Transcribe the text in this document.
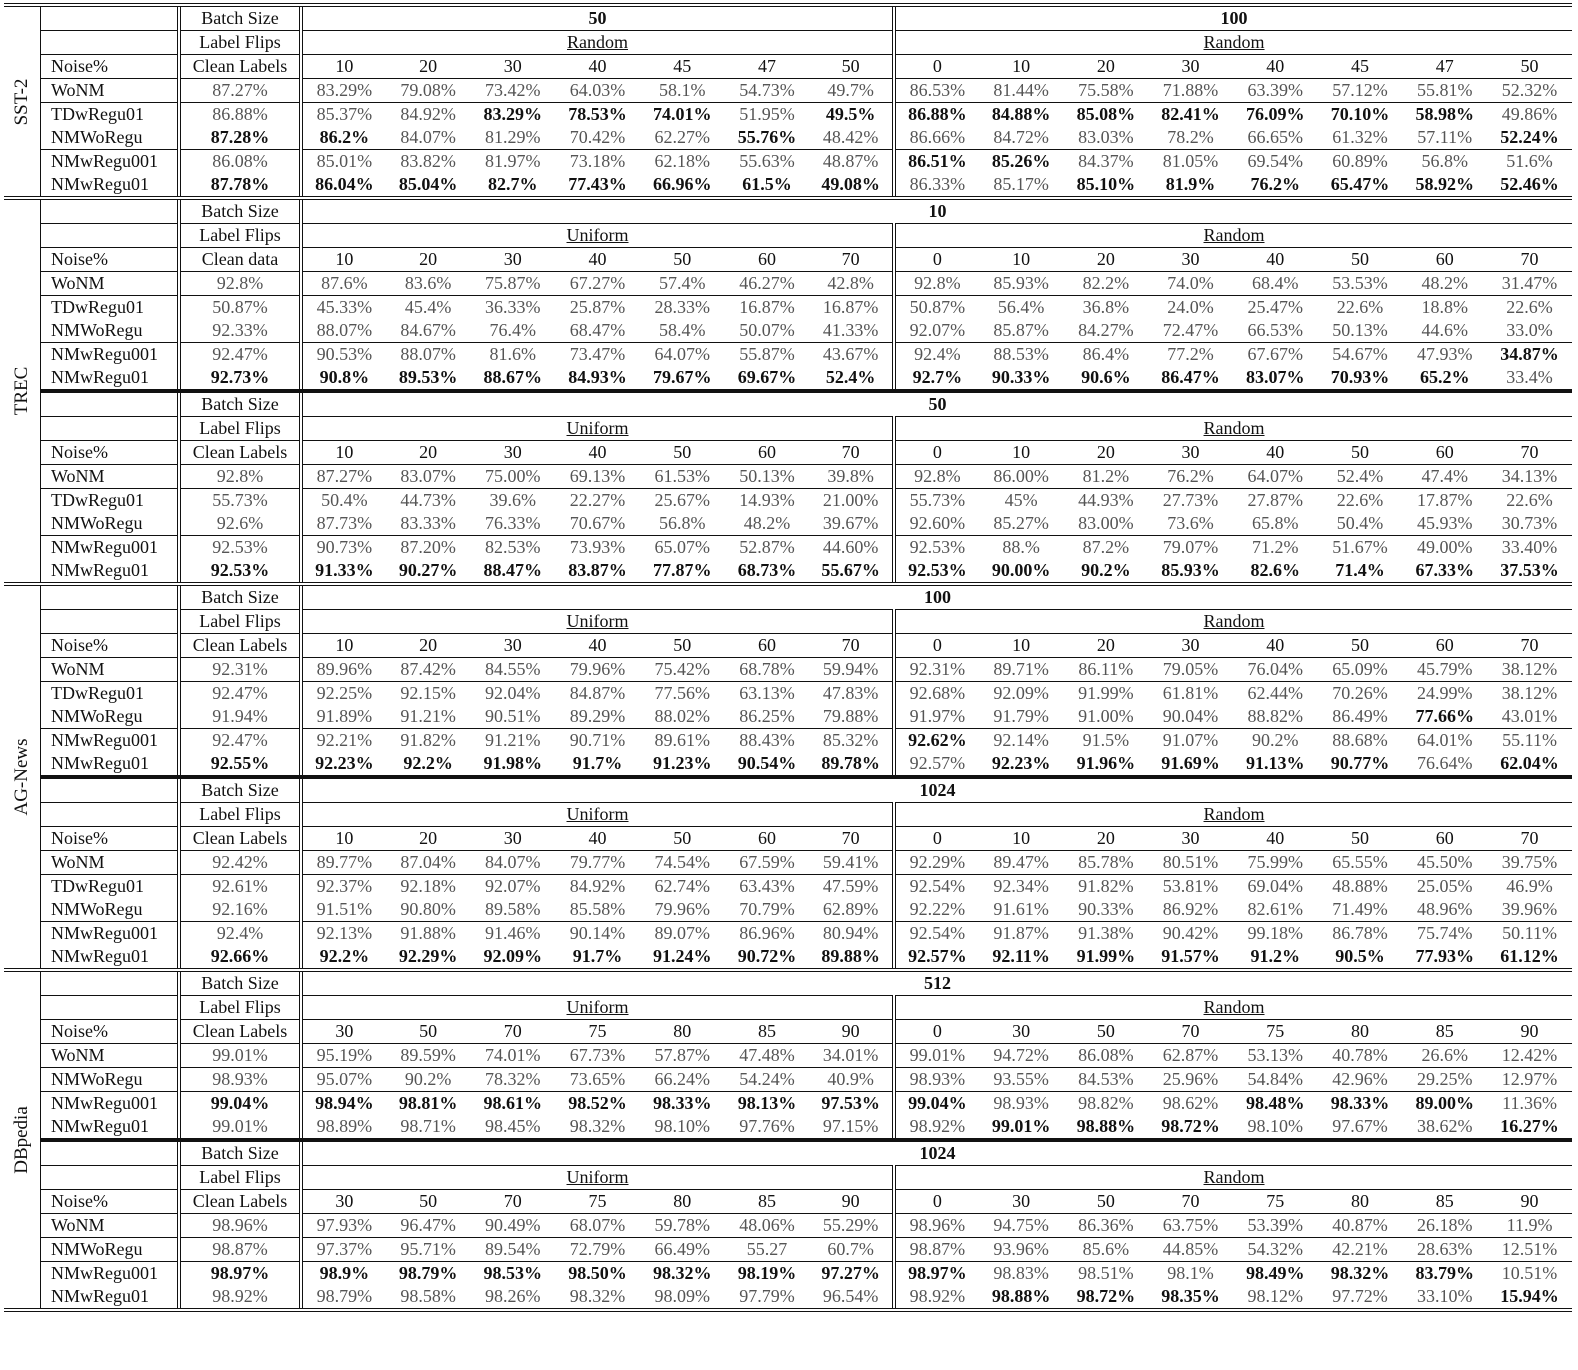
SST-2
	Batch Size	50							100							
	Label Flips	Random							Random							
Noise%	Clean Labels	10	20	30	40	45	47	50	0	10	20	30	40	45	47	50
WoNM	87.27%	83.29%	79.08%	73.42%	64.03%	58.1%	54.73%	49.7%	86.53%	81.44%	75.58%	71.88%	63.39%	57.12%	55.81%	52.32%
TDwRegu01	86.88%	85.37%	84.92%	83.29%	78.53%	74.01%	51.95%	49.5%	86.88%	84.88%	85.08%	82.41%	76.09%	70.10%	58.98%	49.86%
NMWoRegu	87.28%	86.2%	84.07%	81.29%	70.42%	62.27%	55.76%	48.42%	86.66%	84.72%	83.03%	78.2%	66.65%	61.32%	57.11%	52.24%
NMwRegu001	86.08%	85.01%	83.82%	81.97%	73.18%	62.18%	55.63%	48.87%	86.51%	85.26%	84.37%	81.05%	69.54%	60.89%	56.8%	51.6%
NMwRegu01	87.78%	86.04%	85.04%	82.7%	77.43%	66.96%	61.5%	49.08%	86.33%	85.17%	85.10%	81.9%	76.2%	65.47%	58.92%	52.46%
TREC
	Batch Size	10														
	Label Flips	Uniform							Random							
Noise%	Clean data	10	20	30	40	50	60	70	0	10	20	30	40	50	60	70
WoNM	92.8%	87.6%	83.6%	75.87%	67.27%	57.4%	46.27%	42.8%	92.8%	85.93%	82.2%	74.0%	68.4%	53.53%	48.2%	31.47%
TDwRegu01	50.87%	45.33%	45.4%	36.33%	25.87%	28.33%	16.87%	16.87%	50.87%	56.4%	36.8%	24.0%	25.47%	22.6%	18.8%	22.6%
NMWoRegu	92.33%	88.07%	84.67%	76.4%	68.47%	58.4%	50.07%	41.33%	92.07%	85.87%	84.27%	72.47%	66.53%	50.13%	44.6%	33.0%
NMwRegu001	92.47%	90.53%	88.07%	81.6%	73.47%	64.07%	55.87%	43.67%	92.4%	88.53%	86.4%	77.2%	67.67%	54.67%	47.93%	34.87%
NMwRegu01	92.73%	90.8%	89.53%	88.67%	84.93%	79.67%	69.67%	52.4%	92.7%	90.33%	90.6%	86.47%	83.07%	70.93%	65.2%	33.4%
	Batch Size	50														
	Label Flips	Uniform							Random							
Noise%	Clean Labels	10	20	30	40	50	60	70	0	10	20	30	40	50	60	70
WoNM	92.8%	87.27%	83.07%	75.00%	69.13%	61.53%	50.13%	39.8%	92.8%	86.00%	81.2%	76.2%	64.07%	52.4%	47.4%	34.13%
TDwRegu01	55.73%	50.4%	44.73%	39.6%	22.27%	25.67%	14.93%	21.00%	55.73%	45%	44.93%	27.73%	27.87%	22.6%	17.87%	22.6%
NMWoRegu	92.6%	87.73%	83.33%	76.33%	70.67%	56.8%	48.2%	39.67%	92.60%	85.27%	83.00%	73.6%	65.8%	50.4%	45.93%	30.73%
NMwRegu001	92.53%	90.73%	87.20%	82.53%	73.93%	65.07%	52.87%	44.60%	92.53%	88.%	87.2%	79.07%	71.2%	51.67%	49.00%	33.40%
NMwRegu01	92.53%	91.33%	90.27%	88.47%	83.87%	77.87%	68.73%	55.67%	92.53%	90.00%	90.2%	85.93%	82.6%	71.4%	67.33%	37.53%
AG-News
	Batch Size	100														
	Label Flips	Uniform							Random							
Noise%	Clean Labels	10	20	30	40	50	60	70	0	10	20	30	40	50	60	70
WoNM	92.31%	89.96%	87.42%	84.55%	79.96%	75.42%	68.78%	59.94%	92.31%	89.71%	86.11%	79.05%	76.04%	65.09%	45.79%	38.12%
TDwRegu01	92.47%	92.25%	92.15%	92.04%	84.87%	77.56%	63.13%	47.83%	92.68%	92.09%	91.99%	61.81%	62.44%	70.26%	24.99%	38.12%
NMWoRegu	91.94%	91.89%	91.21%	90.51%	89.29%	88.02%	86.25%	79.88%	91.97%	91.79%	91.00%	90.04%	88.82%	86.49%	77.66%	43.01%
NMwRegu001	92.47%	92.21%	91.82%	91.21%	90.71%	89.61%	88.43%	85.32%	92.62%	92.14%	91.5%	91.07%	90.2%	88.68%	64.01%	55.11%
NMwRegu01	92.55%	92.23%	92.2%	91.98%	91.7%	91.23%	90.54%	89.78%	92.57%	92.23%	91.96%	91.69%	91.13%	90.77%	76.64%	62.04%
	Batch Size	1024														
	Label Flips	Uniform							Random							
Noise%	Clean Labels	10	20	30	40	50	60	70	0	10	20	30	40	50	60	70
WoNM	92.42%	89.77%	87.04%	84.07%	79.77%	74.54%	67.59%	59.41%	92.29%	89.47%	85.78%	80.51%	75.99%	65.55%	45.50%	39.75%
TDwRegu01	92.61%	92.37%	92.18%	92.07%	84.92%	62.74%	63.43%	47.59%	92.54%	92.34%	91.82%	53.81%	69.04%	48.88%	25.05%	46.9%
NMWoRegu	92.16%	91.51%	90.80%	89.58%	85.58%	79.96%	70.79%	62.89%	92.22%	91.61%	90.33%	86.92%	82.61%	71.49%	48.96%	39.96%
NMwRegu001	92.4%	92.13%	91.88%	91.46%	90.14%	89.07%	86.96%	80.94%	92.54%	91.87%	91.38%	90.42%	99.18%	86.78%	75.74%	50.11%
NMwRegu01	92.66%	92.2%	92.29%	92.09%	91.7%	91.24%	90.72%	89.88%	92.57%	92.11%	91.99%	91.57%	91.2%	90.5%	77.93%	61.12%
DBpedia
	Batch Size	512														
	Label Flips	Uniform							Random							
Noise%	Clean Labels	30	50	70	75	80	85	90	0	30	50	70	75	80	85	90
WoNM	99.01%	95.19%	89.59%	74.01%	67.73%	57.87%	47.48%	34.01%	99.01%	94.72%	86.08%	62.87%	53.13%	40.78%	26.6%	12.42%
NMWoRegu	98.93%	95.07%	90.2%	78.32%	73.65%	66.24%	54.24%	40.9%	98.93%	93.55%	84.53%	25.96%	54.84%	42.96%	29.25%	12.97%
NMwRegu001	99.04%	98.94%	98.81%	98.61%	98.52%	98.33%	98.13%	97.53%	99.04%	98.93%	98.82%	98.62%	98.48%	98.33%	89.00%	11.36%
NMwRegu01	99.01%	98.89%	98.71%	98.45%	98.32%	98.10%	97.76%	97.15%	98.92%	99.01%	98.88%	98.72%	98.10%	97.67%	38.62%	16.27%
	Batch Size	1024														
	Label Flips	Uniform							Random							
Noise%	Clean Labels	30	50	70	75	80	85	90	0	30	50	70	75	80	85	90
WoNM	98.96%	97.93%	96.47%	90.49%	68.07%	59.78%	48.06%	55.29%	98.96%	94.75%	86.36%	63.75%	53.39%	40.87%	26.18%	11.9%
NMWoRegu	98.87%	97.37%	95.71%	89.54%	72.79%	66.49%	55.27	60.7%	98.87%	93.96%	85.6%	44.85%	54.32%	42.21%	28.63%	12.51%
NMwRegu001	98.97%	98.9%	98.79%	98.53%	98.50%	98.32%	98.19%	97.27%	98.97%	98.83%	98.51%	98.1%	98.49%	98.32%	83.79%	10.51%
NMwRegu01	98.92%	98.79%	98.58%	98.26%	98.32%	98.09%	97.79%	96.54%	98.92%	98.88%	98.72%	98.35%	98.12%	97.72%	33.10%	15.94%
